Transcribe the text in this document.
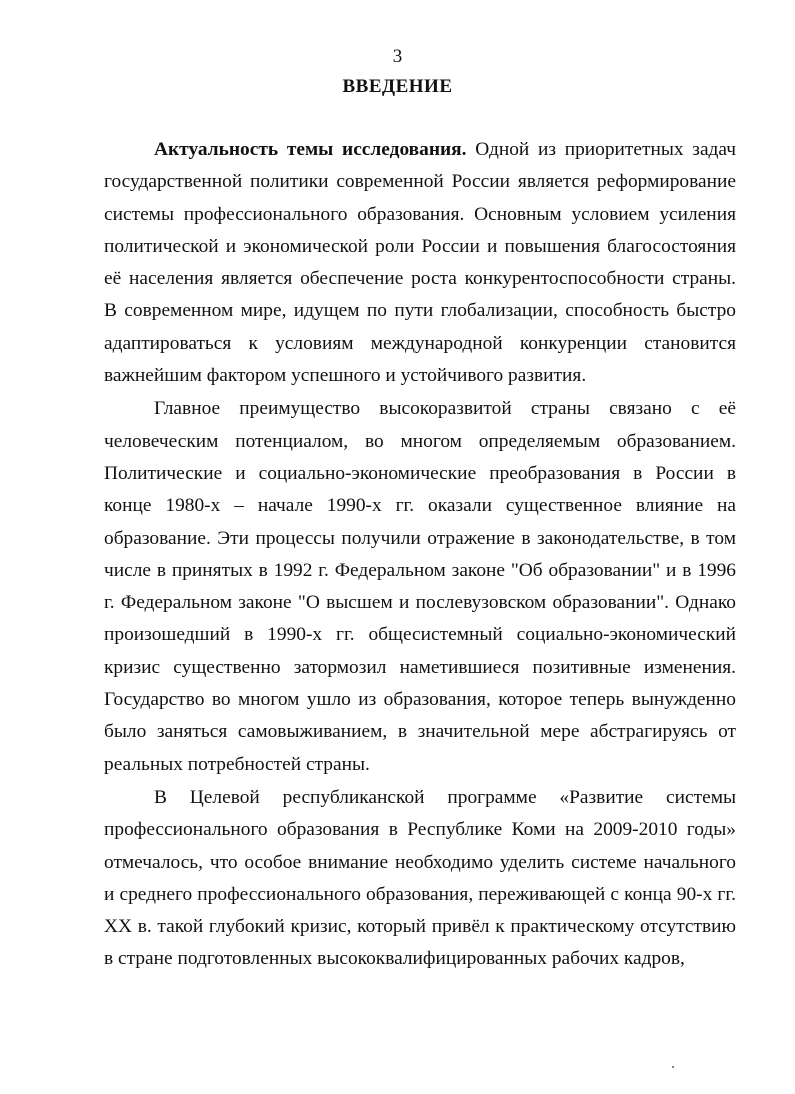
3
ВВЕДЕНИЕ

Актуальность темы исследования. Одной из приоритетных задач государственной политики современной России является реформирование системы профессионального образования. Основным условием усиления политической и экономической роли России и повышения благосостояния её населения является обеспечение роста конкурентоспособности страны. В современном мире, идущем по пути глобализации, способность быстро адаптироваться к условиям международной конкуренции становится важнейшим фактором успешного и устойчивого развития.

Главное преимущество высокоразвитой страны связано с её человеческим потенциалом, во многом определяемым образованием. Политические и социально-экономические преобразования в России в конце 1980-х – начале 1990-х гг. оказали существенное влияние на образование. Эти процессы получили отражение в законодательстве, в том числе в принятых в 1992 г. Федеральном законе "Об образовании" и в 1996 г. Федеральном законе "О высшем и послевузовском образовании". Однако произошедший в 1990-х гг. общесистемный социально-экономический кризис существенно затормозил наметившиеся позитивные изменения. Государство во многом ушло из образования, которое теперь вынужденно было заняться самовыживанием, в значительной мере абстрагируясь от реальных потребностей страны.

В Целевой республиканской программе «Развитие системы профессионального образования в Республике Коми на 2009-2010 годы» отмечалось, что особое внимание необходимо уделить системе начального и среднего профессионального образования, переживающей с конца 90-х гг. XX в. такой глубокий кризис, который привёл к практическому отсутствию в стране подготовленных высококвалифицированных рабочих кадров,
